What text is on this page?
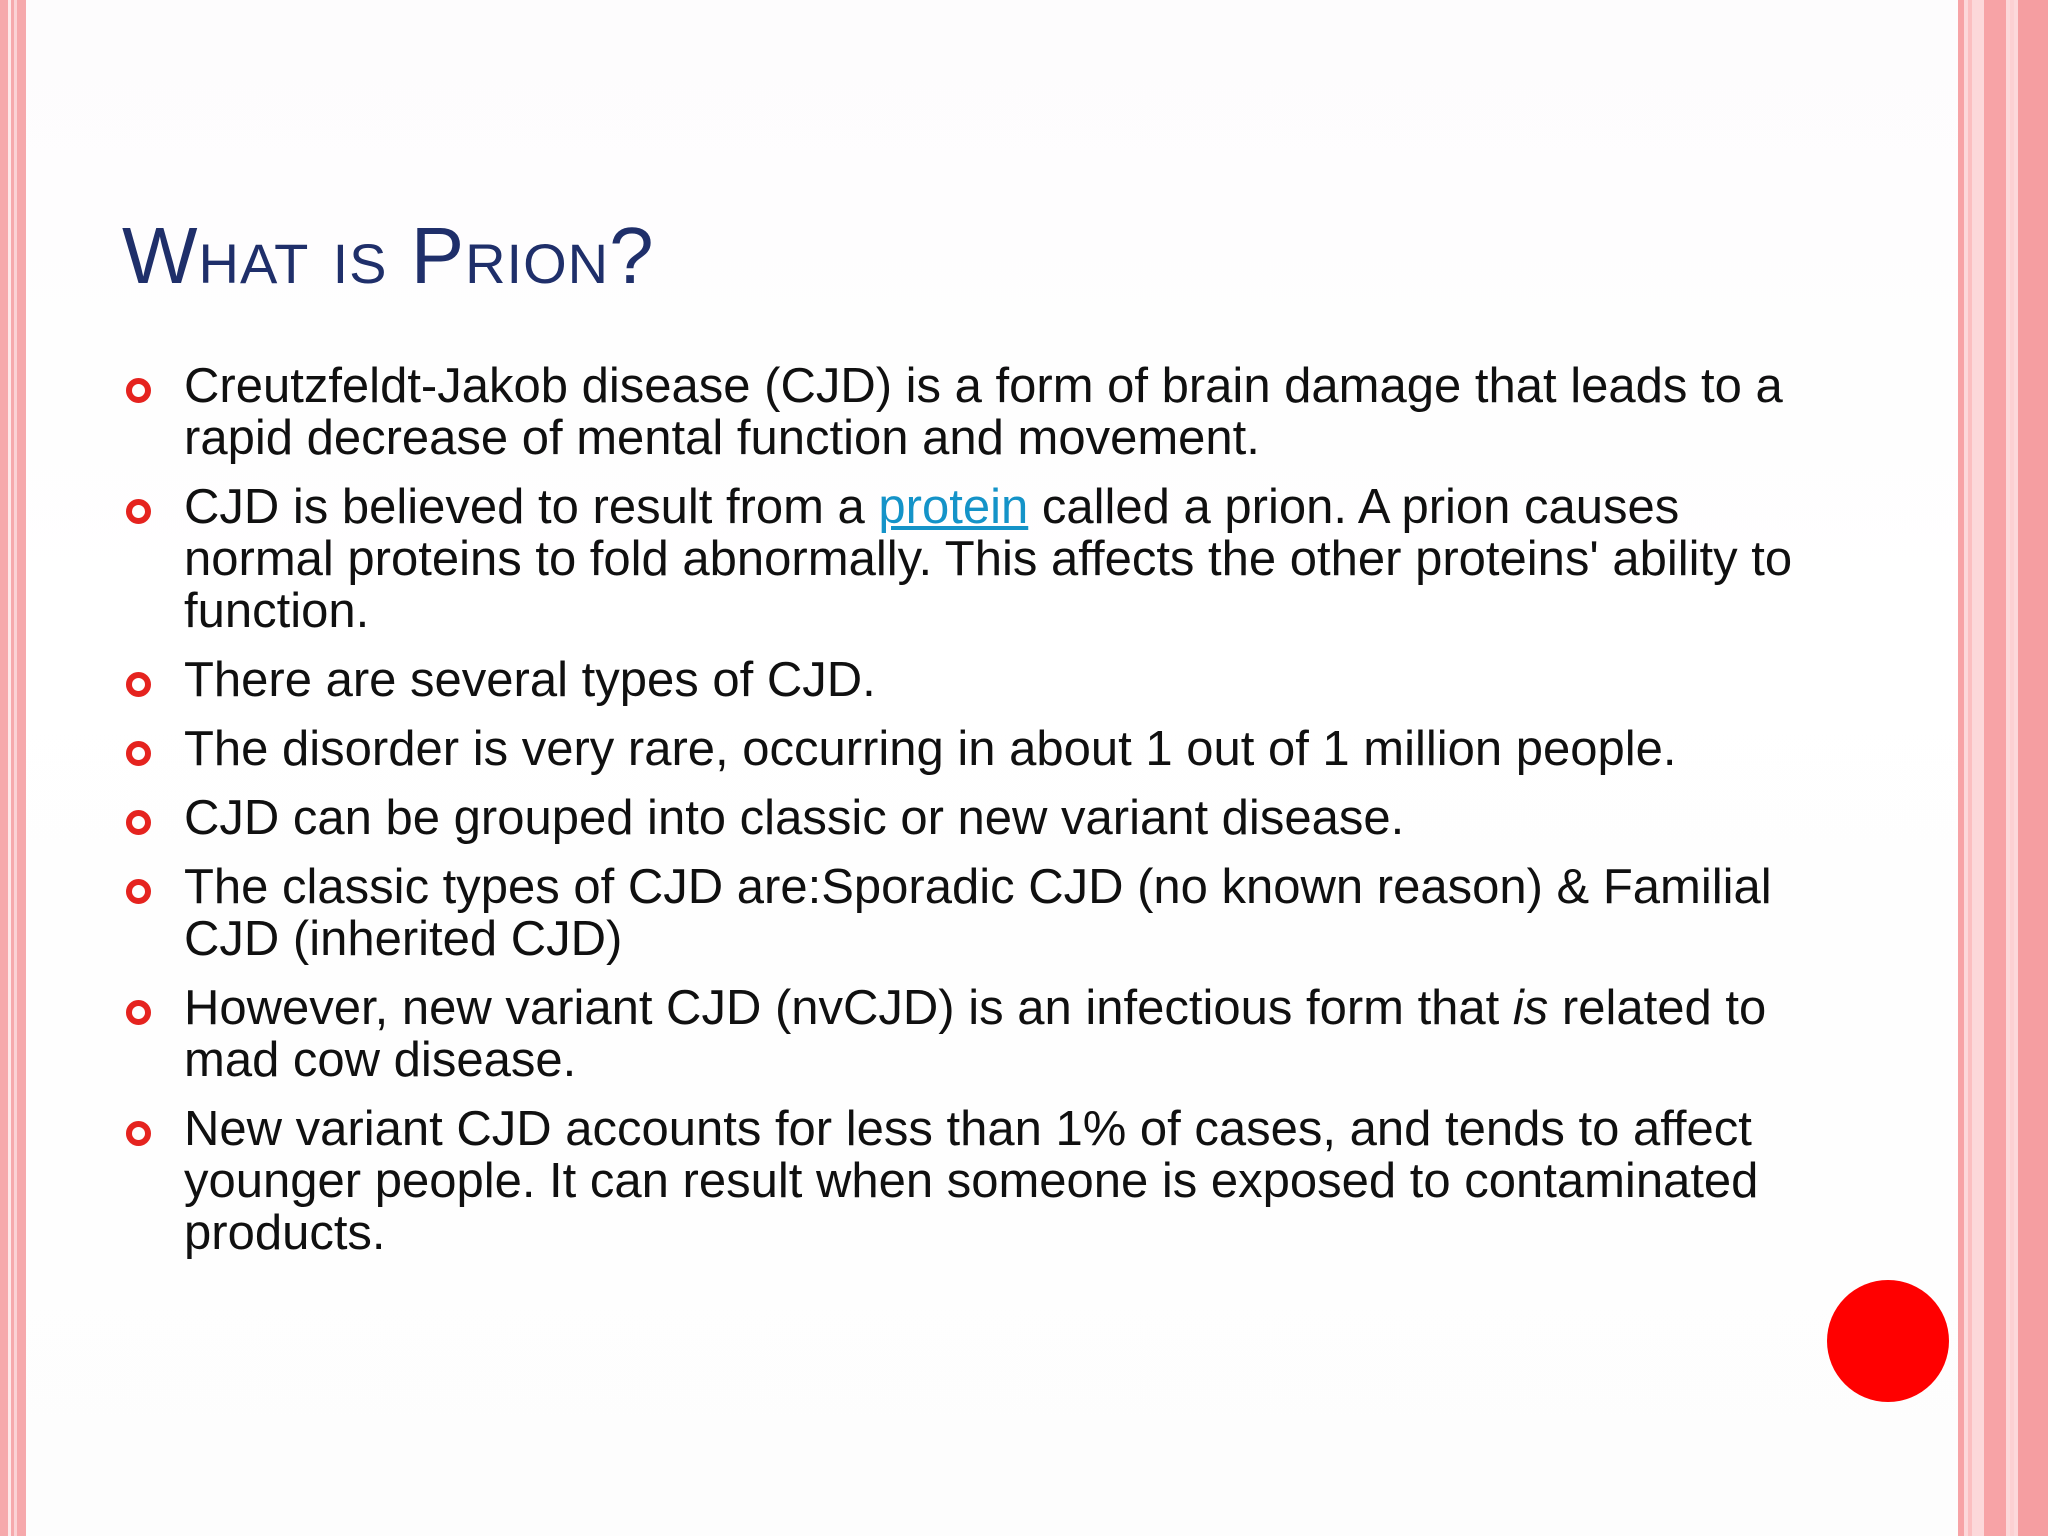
What is Prion?
Creutzfeldt-Jakob disease (CJD) is a form of brain damage that leads to a rapid decrease of mental function and movement.
CJD is believed to result from a protein called a prion. A prion causes normal proteins to fold abnormally. This affects the other proteins' ability to function.
There are several types of CJD.
The disorder is very rare, occurring in about 1 out of 1 million people.
CJD can be grouped into classic or new variant disease.
The classic types of CJD are:Sporadic CJD (no known reason) & Familial CJD (inherited CJD)
However, new variant CJD (nvCJD) is an infectious form that is related to mad cow disease.
New variant CJD accounts for less than 1% of cases, and tends to affect younger people. It can result when someone is exposed to contaminated products.
